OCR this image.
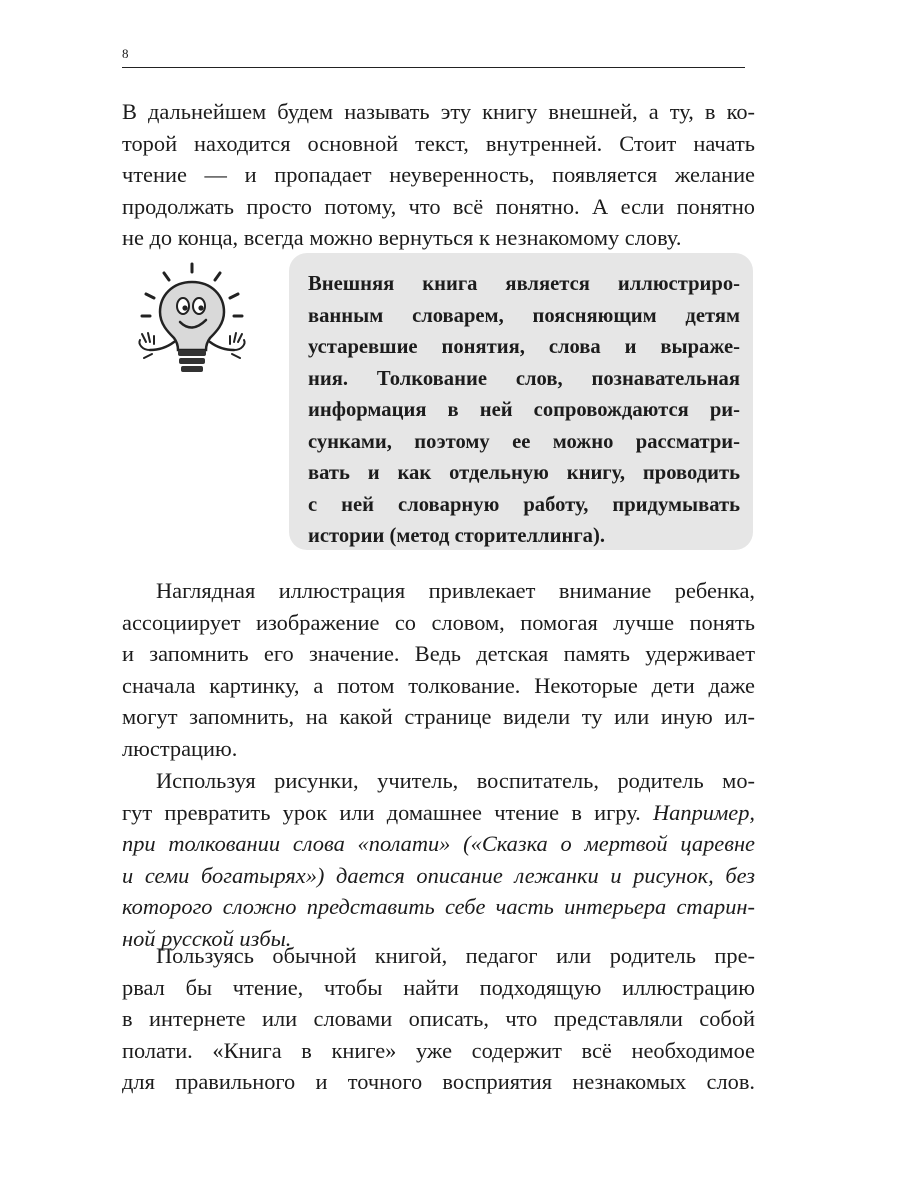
8

В дальнейшем будем называть эту книгу внешней, а ту, в ко-
торой находится основной текст, внутренней. Стоит начать
чтение — и пропадает неуверенность, появляется желание
продолжать просто потому, что всё понятно. А если понятно
не до конца, всегда можно вернуться к незнакомому слову.

Внешняя книга является иллюстриро-
ванным словарем, поясняющим детям
устаревшие понятия, слова и выраже-
ния. Толкование слов, познавательная
информация в ней сопровождаются ри-
сунками, поэтому ее можно рассматри-
вать и как отдельную книгу, проводить
с ней словарную работу, придумывать
истории (метод сторителлинга).

Наглядная иллюстрация привлекает внимание ребенка,
ассоциирует изображение со словом, помогая лучше понять
и запомнить его значение. Ведь детская память удерживает
сначала картинку, а потом толкование. Некоторые дети даже
могут запомнить, на какой странице видели ту или иную ил-
люстрацию.

Используя рисунки, учитель, воспитатель, родитель мо-
гут превратить урок или домашнее чтение в игру. Например,
при толковании слова «полати» («Сказка о мертвой царевне
и семи богатырях») дается описание лежанки и рисунок, без
которого сложно представить себе часть интерьера старин-
ной русской избы.

Пользуясь обычной книгой, педагог или родитель пре-
рвал бы чтение, чтобы найти подходящую иллюстрацию
в интернете или словами описать, что представляли собой
полати. «Книга в книге» уже содержит всё необходимое
для правильного и точного восприятия незнакомых слов.
